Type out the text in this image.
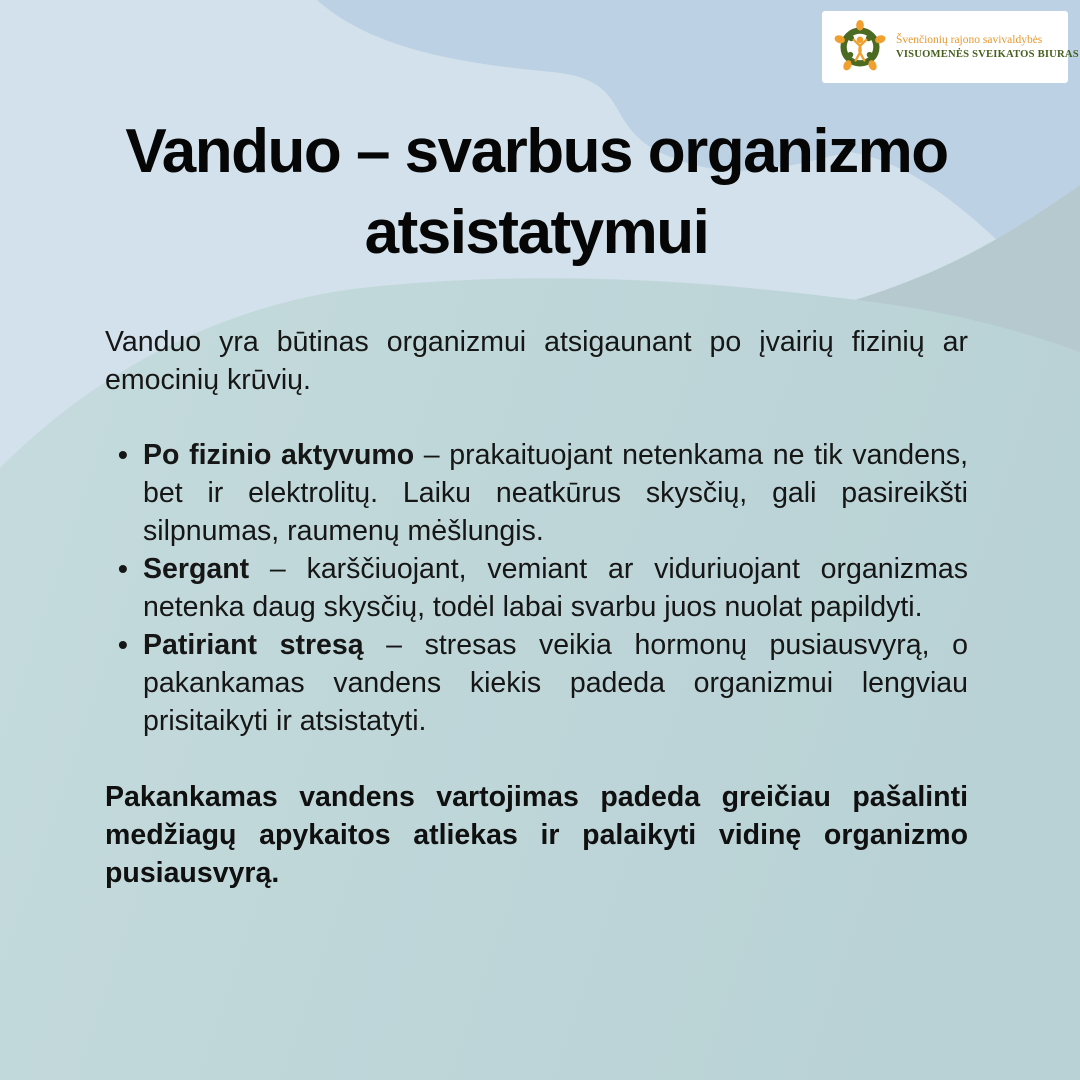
Švenčionių rajono savivaldybės
VISUOMENĖS SVEIKATOS BIURAS
Vanduo – svarbus organizmo atsistatymui

Vanduo yra būtinas organizmui atsigaunant po įvairių fizinių ar emocinių krūvių.

• Po fizinio aktyvumo – prakaituojant netenkama ne tik vandens, bet ir elektrolitų. Laiku neatkūrus skysčių, gali pasireikšti silpnumas, raumenų mėšlungis.
• Sergant – karščiuojant, vemiant ar viduriuojant organizmas netenka daug skysčių, todėl labai svarbu juos nuolat papildyti.
• Patiriant stresą – stresas veikia hormonų pusiausvyrą, o pakankamas vandens kiekis padeda organizmui lengviau prisitaikyti ir atsistatyti.

Pakankamas vandens vartojimas padeda greičiau pašalinti medžiagų apykaitos atliekas ir palaikyti vidinę organizmo pusiausvyrą.
